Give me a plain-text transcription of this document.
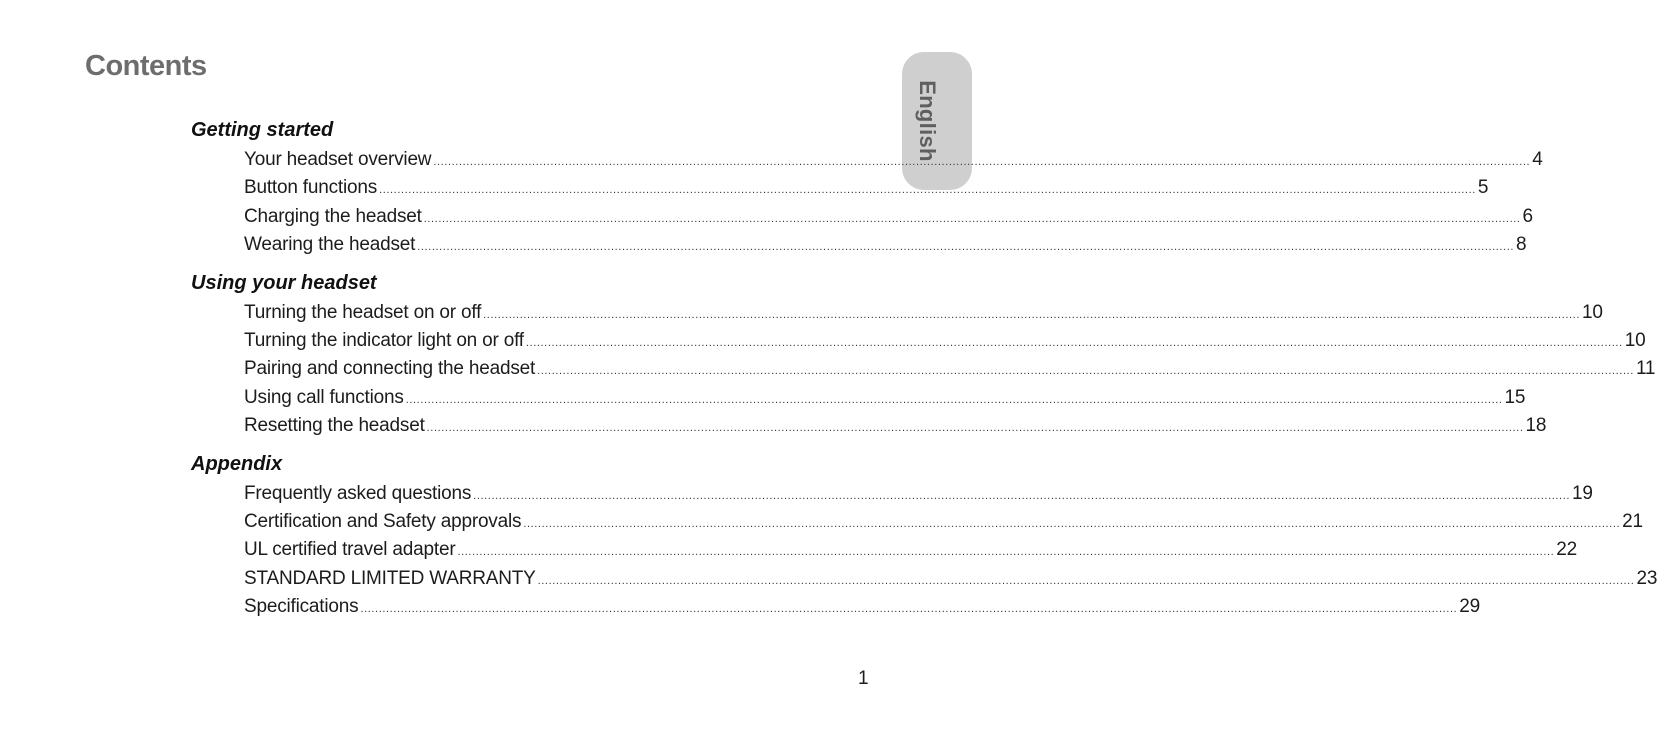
Contents
English
Getting started
Your headset overview ............................................................................................................................................................................................................................................................................................................ 4
Button functions ............................................................................................................................................................................................................................................................................................................ 5
Charging the headset ............................................................................................................................................................................................................................................................................................................ 6
Wearing the headset ............................................................................................................................................................................................................................................................................................................ 8
Using your headset
Turning the headset on or off ............................................................................................................................................................................................................................................................................................................ 10
Turning the indicator light on or off ............................................................................................................................................................................................................................................................................................................ 10
Pairing and connecting the headset ............................................................................................................................................................................................................................................................................................................ 11
Using call functions ............................................................................................................................................................................................................................................................................................................ 15
Resetting the headset ............................................................................................................................................................................................................................................................................................................ 18
Appendix
Frequently asked questions ............................................................................................................................................................................................................................................................................................................ 19
Certification and Safety approvals ............................................................................................................................................................................................................................................................................................................ 21
UL certified travel adapter ............................................................................................................................................................................................................................................................................................................ 22
STANDARD LIMITED WARRANTY ............................................................................................................................................................................................................................................................................................................ 23
Specifications ............................................................................................................................................................................................................................................................................................................ 29
1
